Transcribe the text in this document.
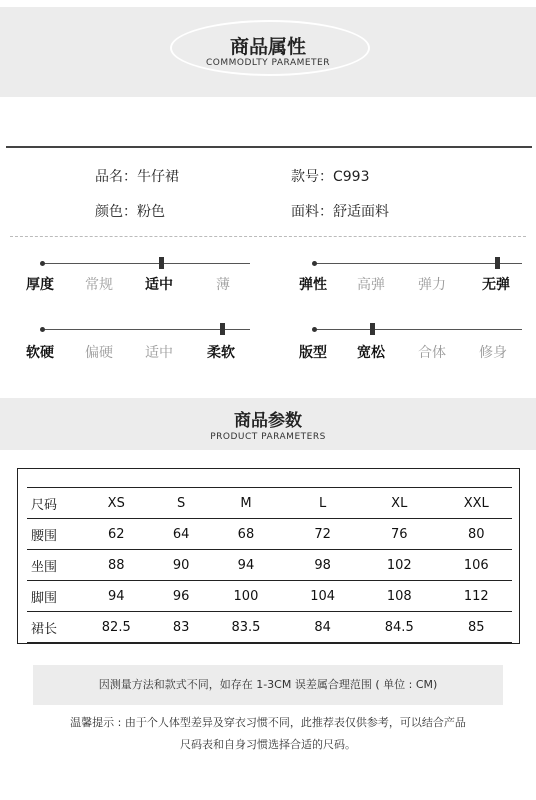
商品属性
COMMODLTY PARAMETER
品名：牛仔裙	款号：C993
颜色：粉色	面料：舒适面料
厚度 常规 适中	薄	弹性 高弹 弹力	无弹
软硬 偏硬 适中 柔软	版型 宽松 合体 修身
商品参数
PRODUCT PARAMETERS
尺码	XS	S	M	L	XL	XXL
腰围	62	64	68	72	76	80
坐围	88	90	94	98	102	106
脚围	94	96	100	104	108	112
裙长	82.5	83	83.5	84	84.5	85
因测量方法和款式不同，如存在 1-3CM 误差属合理范围 ( 单位 : CM)
温馨提示 : 由于个人体型差异及穿衣习惯不同，此推荐表仅供参考，可以结合产品
尺码表和自身习惯选择合适的尺码。
